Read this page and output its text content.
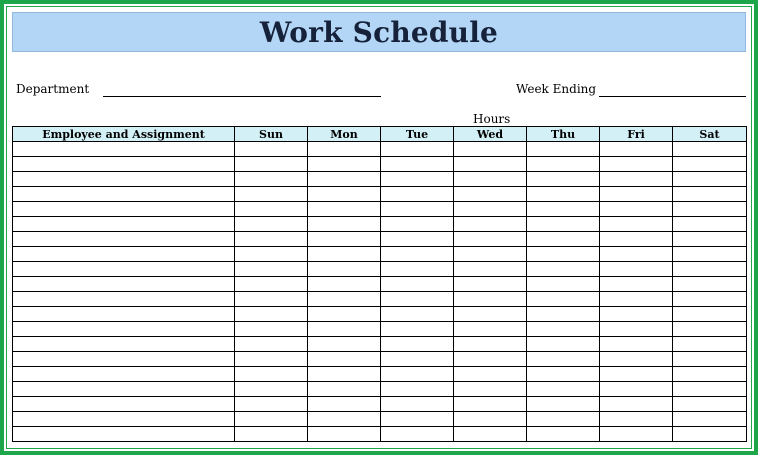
Work Schedule
Department	Week Ending
Hours
Employee and Assignment	Sun	Mon	Tue	Wed	Thu	Fri	Sat
